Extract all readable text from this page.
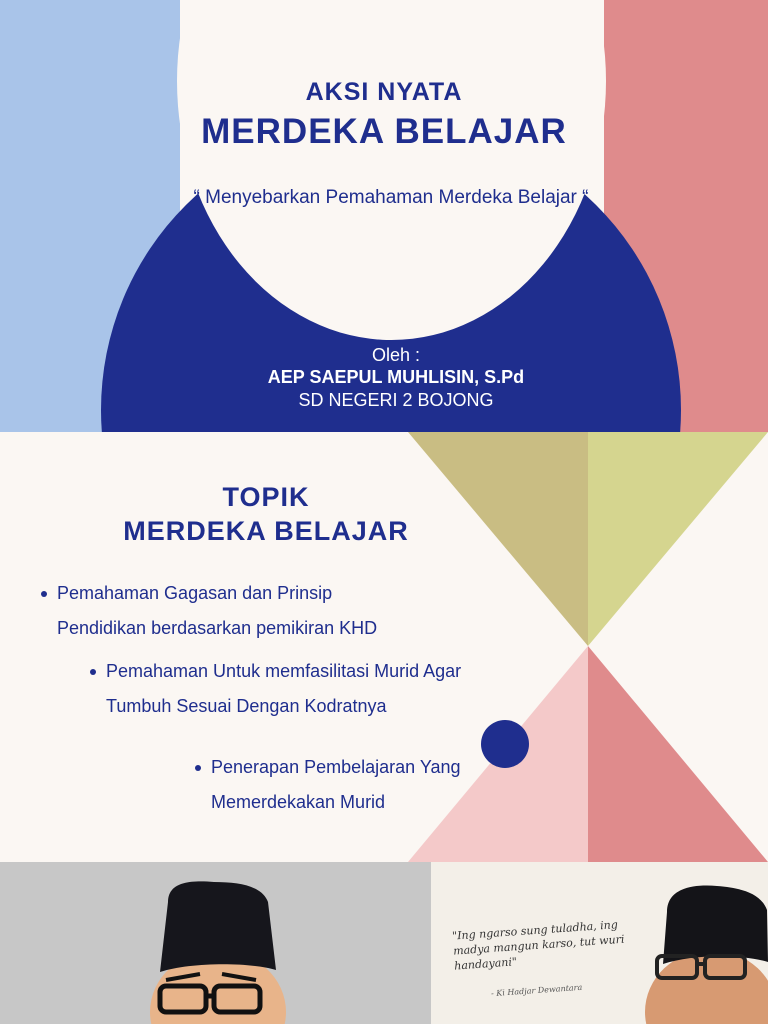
AKSI NYATA
MERDEKA BELAJAR
“ Menyebarkan Pemahaman Merdeka Belajar “
Oleh :
AEP SAEPUL MUHLISIN, S.Pd
SD NEGERI 2 BOJONG
TOPIK
MERDEKA BELAJAR
Pemahaman Gagasan dan Prinsip
Pendidikan berdasarkan pemikiran KHD
Pemahaman Untuk memfasilitasi Murid Agar
Tumbuh Sesuai Dengan Kodratnya
Penerapan Pembelajaran Yang
Memerdekakan Murid
"Ing ngarso sung tuladha, ing madya mangun karso, tut wuri handayani"
- Ki Hadjar Dewantara
